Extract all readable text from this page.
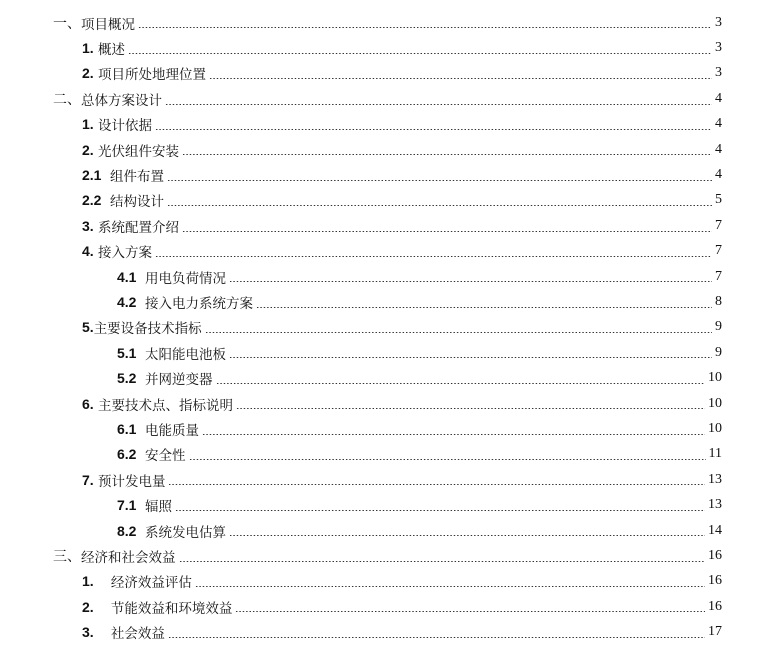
一、 项目概况	3
1. 概述	3
2. 项目所处地理位置	3
二、 总体方案设计	4
1. 设计依据	4
2. 光伏组件安装	4
2.1 组件布置	4
2.2 结构设计	5
3. 系统配置介绍	7
4. 接入方案	7
4.1 用电负荷情况	7
4.2 接入电力系统方案	8
5. 主要设备技术指标	9
5.1 太阳能电池板	9
5.2 并网逆变器	10
6. 主要技术点、指标说明	10
6.1 电能质量	10
6.2 安全性	11
7. 预计发电量	13
7.1 辐照	13
8.2 系统发电估算	14
三、 经济和社会效益	16
1. 经济效益评估	16
2. 节能效益和环境效益	16
3. 社会效益	17
